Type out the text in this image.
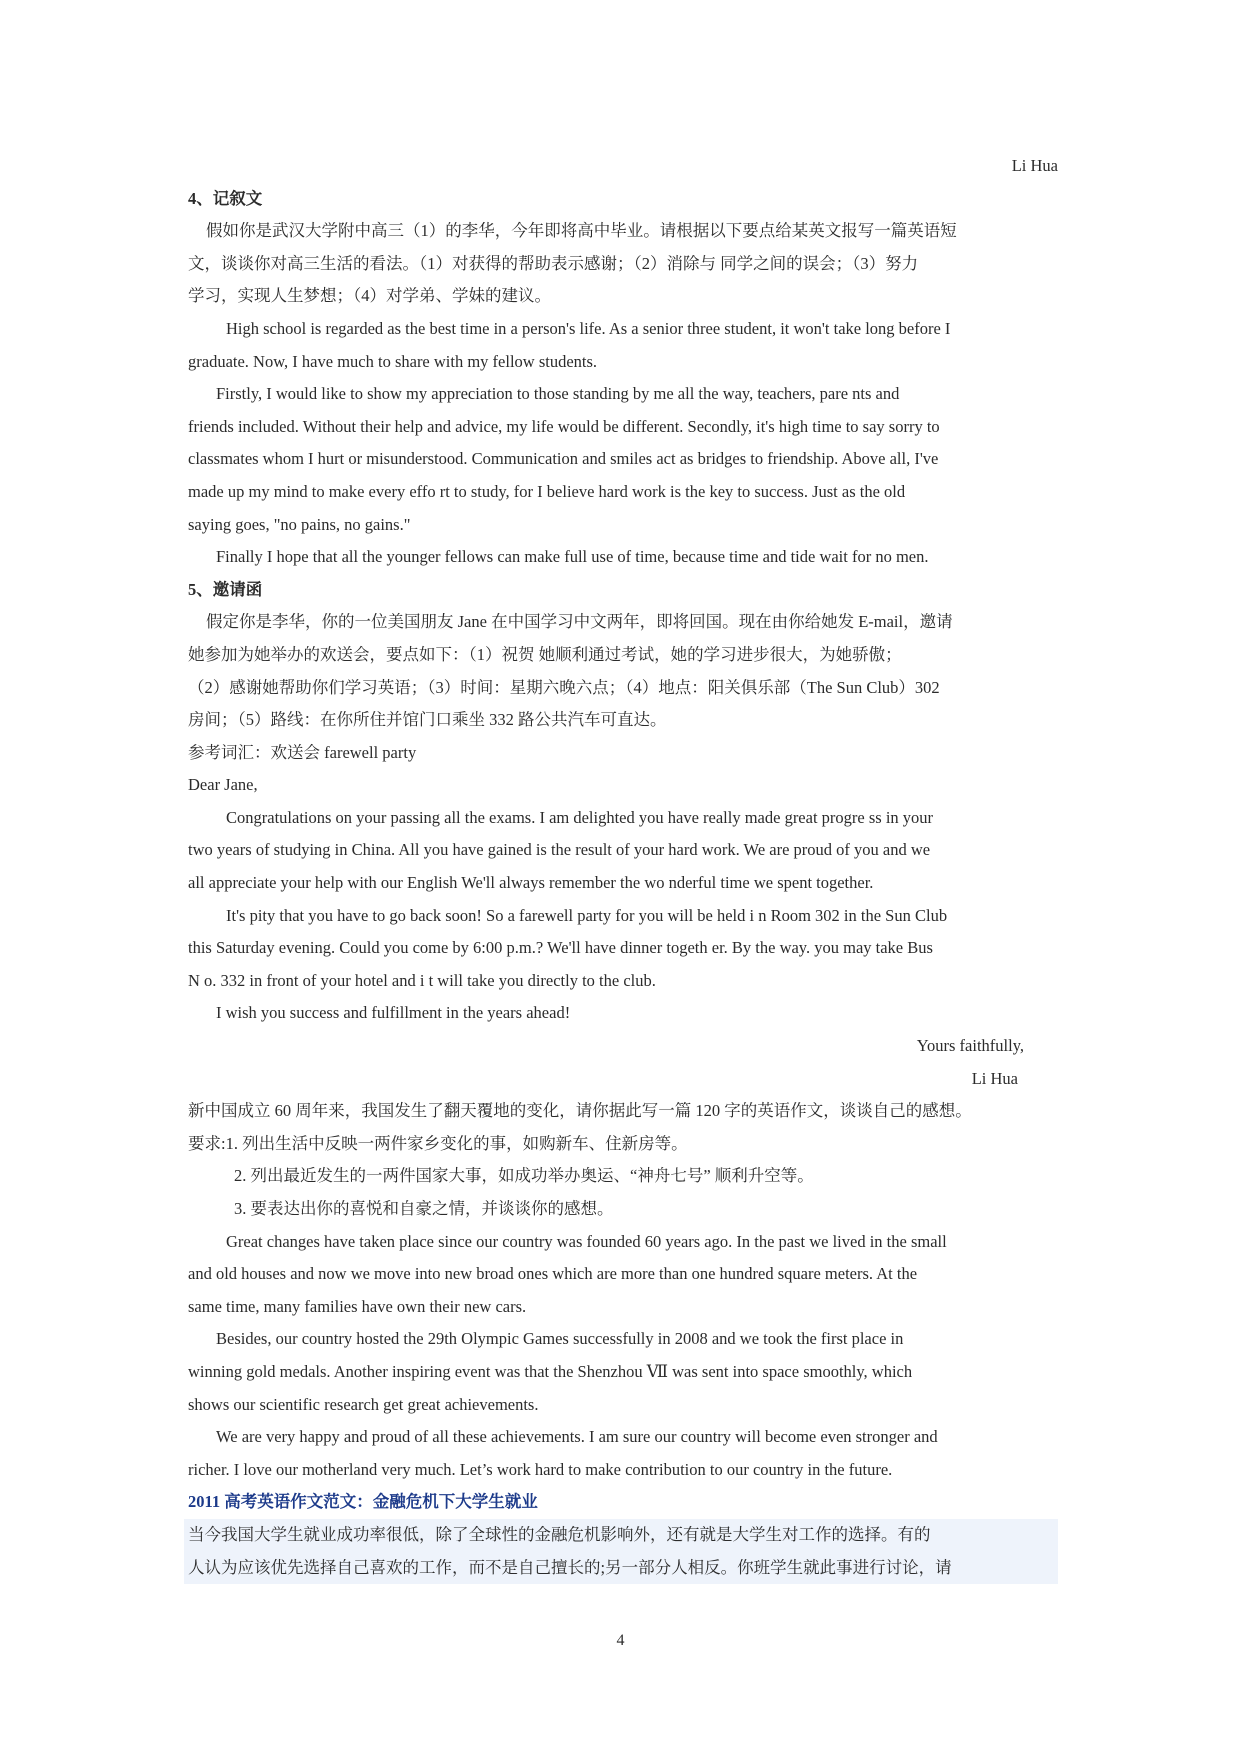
Li Hua
4、记叙文
假如你是武汉大学附中高三（1）的李华，今年即将高中毕业。请根据以下要点给某英文报写一篇英语短
文，谈谈你对高三生活的看法。（1）对获得的帮助表示感谢；（2）消除与 同学之间的误会；（3）努力
学习，实现人生梦想；（4）对学弟、学妹的建议。
High school is regarded as the best time in a person's life. As a senior three student, it won't take long before I
graduate. Now, I have much to share with my fellow students.
Firstly, I would like to show my appreciation to those standing by me all the way, teachers, pare nts and
friends included. Without their help and advice, my life would be different. Secondly, it's high time to say sorry to
classmates whom I hurt or misunderstood. Communication and smiles act as bridges to friendship. Above all, I've
made up my mind to make every effo rt to study, for I believe hard work is the key to success. Just as the old
saying goes, "no pains, no gains."
Finally I hope that all the younger fellows can make full use of time, because time and tide wait for no men.
5、邀请函
假定你是李华，你的一位美国朋友 Jane 在中国学习中文两年，即将回国。现在由你给她发 E-mail，邀请
她参加为她举办的欢送会，要点如下：（1）祝贺 她顺利通过考试，她的学习进步很大，为她骄傲；
（2）感谢她帮助你们学习英语；（3）时间：星期六晚六点；（4）地点：阳关俱乐部（The Sun Club）302
房间；（5）路线：在你所住并馆门口乘坐 332 路公共汽车可直达。
参考词汇：欢送会 farewell party
Dear Jane,
Congratulations on your passing all the exams. I am delighted you have really made great progre ss in your
two years of studying in China. All you have gained is the result of your hard work. We are proud of you and we
all appreciate your help with our English We'll always remember the wo nderful time we spent together.
It's pity that you have to go back soon! So a farewell party for you will be held i n Room 302 in the Sun Club
this Saturday evening. Could you come by 6:00 p.m.? We'll have dinner togeth er. By the way. you may take Bus
N o. 332 in front of your hotel and i t will take you directly to the club.
I wish you success and fulfillment in the years ahead!
Yours faithfully,
Li Hua
新中国成立 60 周年来，我国发生了翻天覆地的变化，请你据此写一篇 120 字的英语作文，谈谈自己的感想。
要求:1. 列出生活中反映一两件家乡变化的事，如购新车、住新房等。
2. 列出最近发生的一两件国家大事，如成功举办奥运、“神舟七号” 顺利升空等。
3. 要表达出你的喜悦和自豪之情，并谈谈你的感想。
Great changes have taken place since our country was founded 60 years ago. In the past we lived in the small
and old houses and now we move into new broad ones which are more than one hundred square meters. At the
same time, many families have own their new cars.
Besides, our country hosted the 29th Olympic Games successfully in 2008 and we took the first place in
winning gold medals. Another inspiring event was that the Shenzhou Ⅶ was sent into space smoothly, which
shows our scientific research get great achievements.
We are very happy and proud of all these achievements. I am sure our country will become even stronger and
richer. I love our motherland very much. Let’s work hard to make contribution to our country in the future.
2011 高考英语作文范文：金融危机下大学生就业
当今我国大学生就业成功率很低，除了全球性的金融危机影响外，还有就是大学生对工作的选择。有的
人认为应该优先选择自己喜欢的工作，而不是自己擅长的;另一部分人相反。你班学生就此事进行讨论，请
4
